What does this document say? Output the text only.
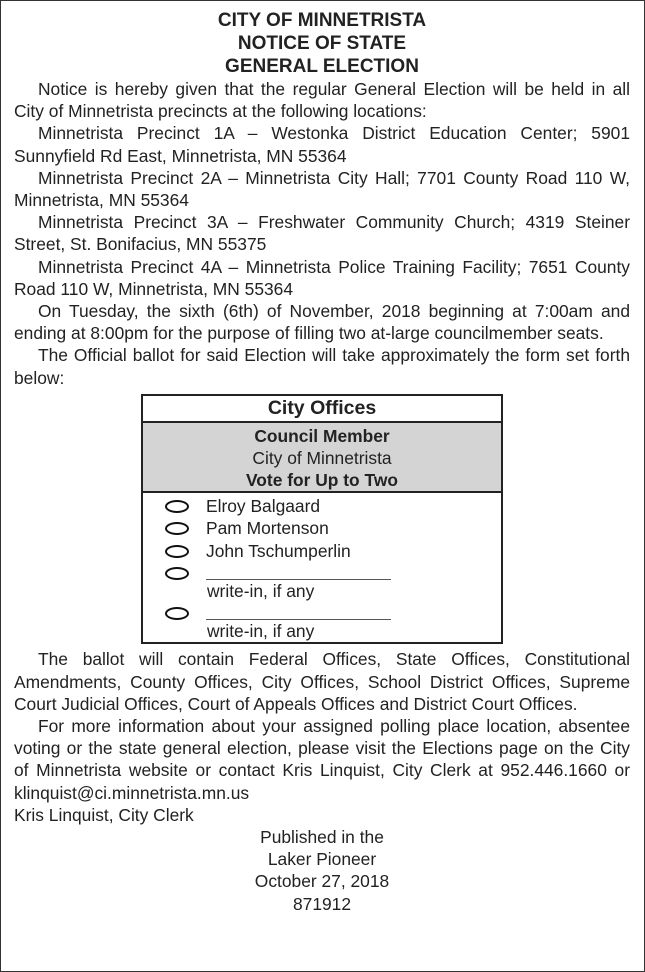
CITY OF MINNETRISTA
NOTICE OF STATE
GENERAL ELECTION

Notice is hereby given that the regular General Election will be held in all City of Minnetrista precincts at the following locations:

Minnetrista Precinct 1A – Westonka District Education Center; 5901 Sunnyfield Rd East, Minnetrista, MN 55364

Minnetrista Precinct 2A – Minnetrista City Hall; 7701 County Road 110 W, Minnetrista, MN 55364

Minnetrista Precinct 3A – Freshwater Community Church; 4319 Steiner Street, St. Bonifacius, MN 55375

Minnetrista Precinct 4A – Minnetrista Police Training Facility; 7651 County Road 110 W, Minnetrista, MN 55364

On Tuesday, the sixth (6th) of November, 2018 beginning at 7:00am and ending at 8:00pm for the purpose of filling two at-large councilmember seats.

The Official ballot for said Election will take approximately the form set forth below:

City Offices
Council Member
City of Minnetrista
Vote for Up to Two
Elroy Balgaard
Pam Mortenson
John Tschumperlin
write-in, if any
write-in, if any

The ballot will contain Federal Offices, State Offices, Constitutional Amendments, County Offices, City Offices, School District Offices, Supreme Court Judicial Offices, Court of Appeals Offices and District Court Offices.

For more information about your assigned polling place location, absentee voting or the state general election, please visit the Elections page on the City of Minnetrista website or contact Kris Linquist, City Clerk at 952.446.1660 or klinquist@ci.minnetrista.mn.us

Kris Linquist, City Clerk
Published in the
Laker Pioneer
October 27, 2018
871912
